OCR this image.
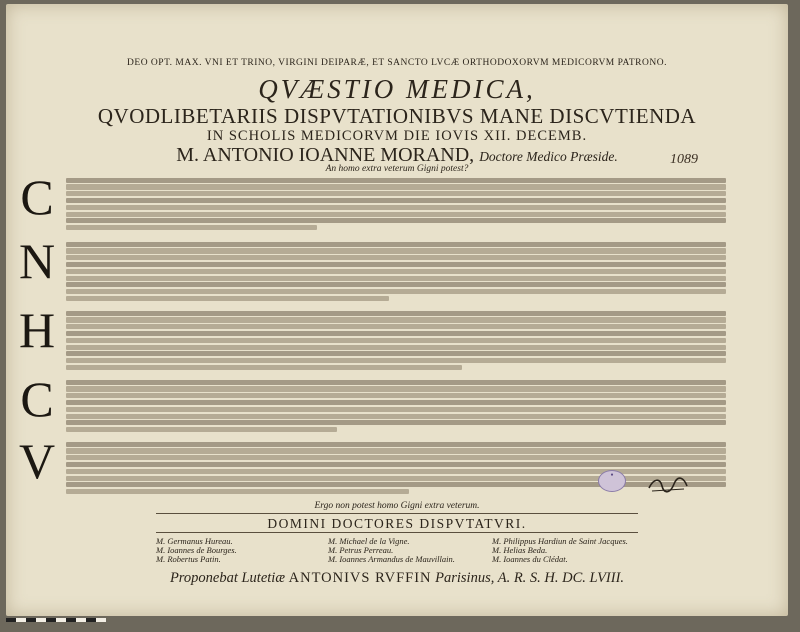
DEO OPT. MAX. VNI ET TRINO, VIRGINI DEIPARÆ, ET SANCTO LVCÆ ORTHODOXORVM MEDICORVM PATRONO.
QVÆSTIO MEDICA,
QVODLIBETARIIS DISPVTATIONIBVS MANE DISCVTIENDA
IN SCHOLIS MEDICORVM DIE IOVIS XII. DECEMB.
M. ANTONIO IOANNE MORAND, Doctore Medico Præside.
An homo extra veterum Gigni potest?
1089
C
N
H
C
V	●
Ergo non potest homo Gigni extra veterum.
DOMINI DOCTORES DISPVTATVRI.
M. Germanus Hureau.
M. Ioannes de Bourges.
M. Robertus Patin.
M. Michael de la Vigne.
M. Petrus Perreau.
M. Ioannes Armandus de Mauvillain.
M. Philippus Hardiun de Saint Jacques.
M. Helias Beda.
M. Ioannes du Clédat.
Proponebat Lutetiæ ANTONIVS RVFFIN Parisinus, A. R. S. H. DC. LVIII.
